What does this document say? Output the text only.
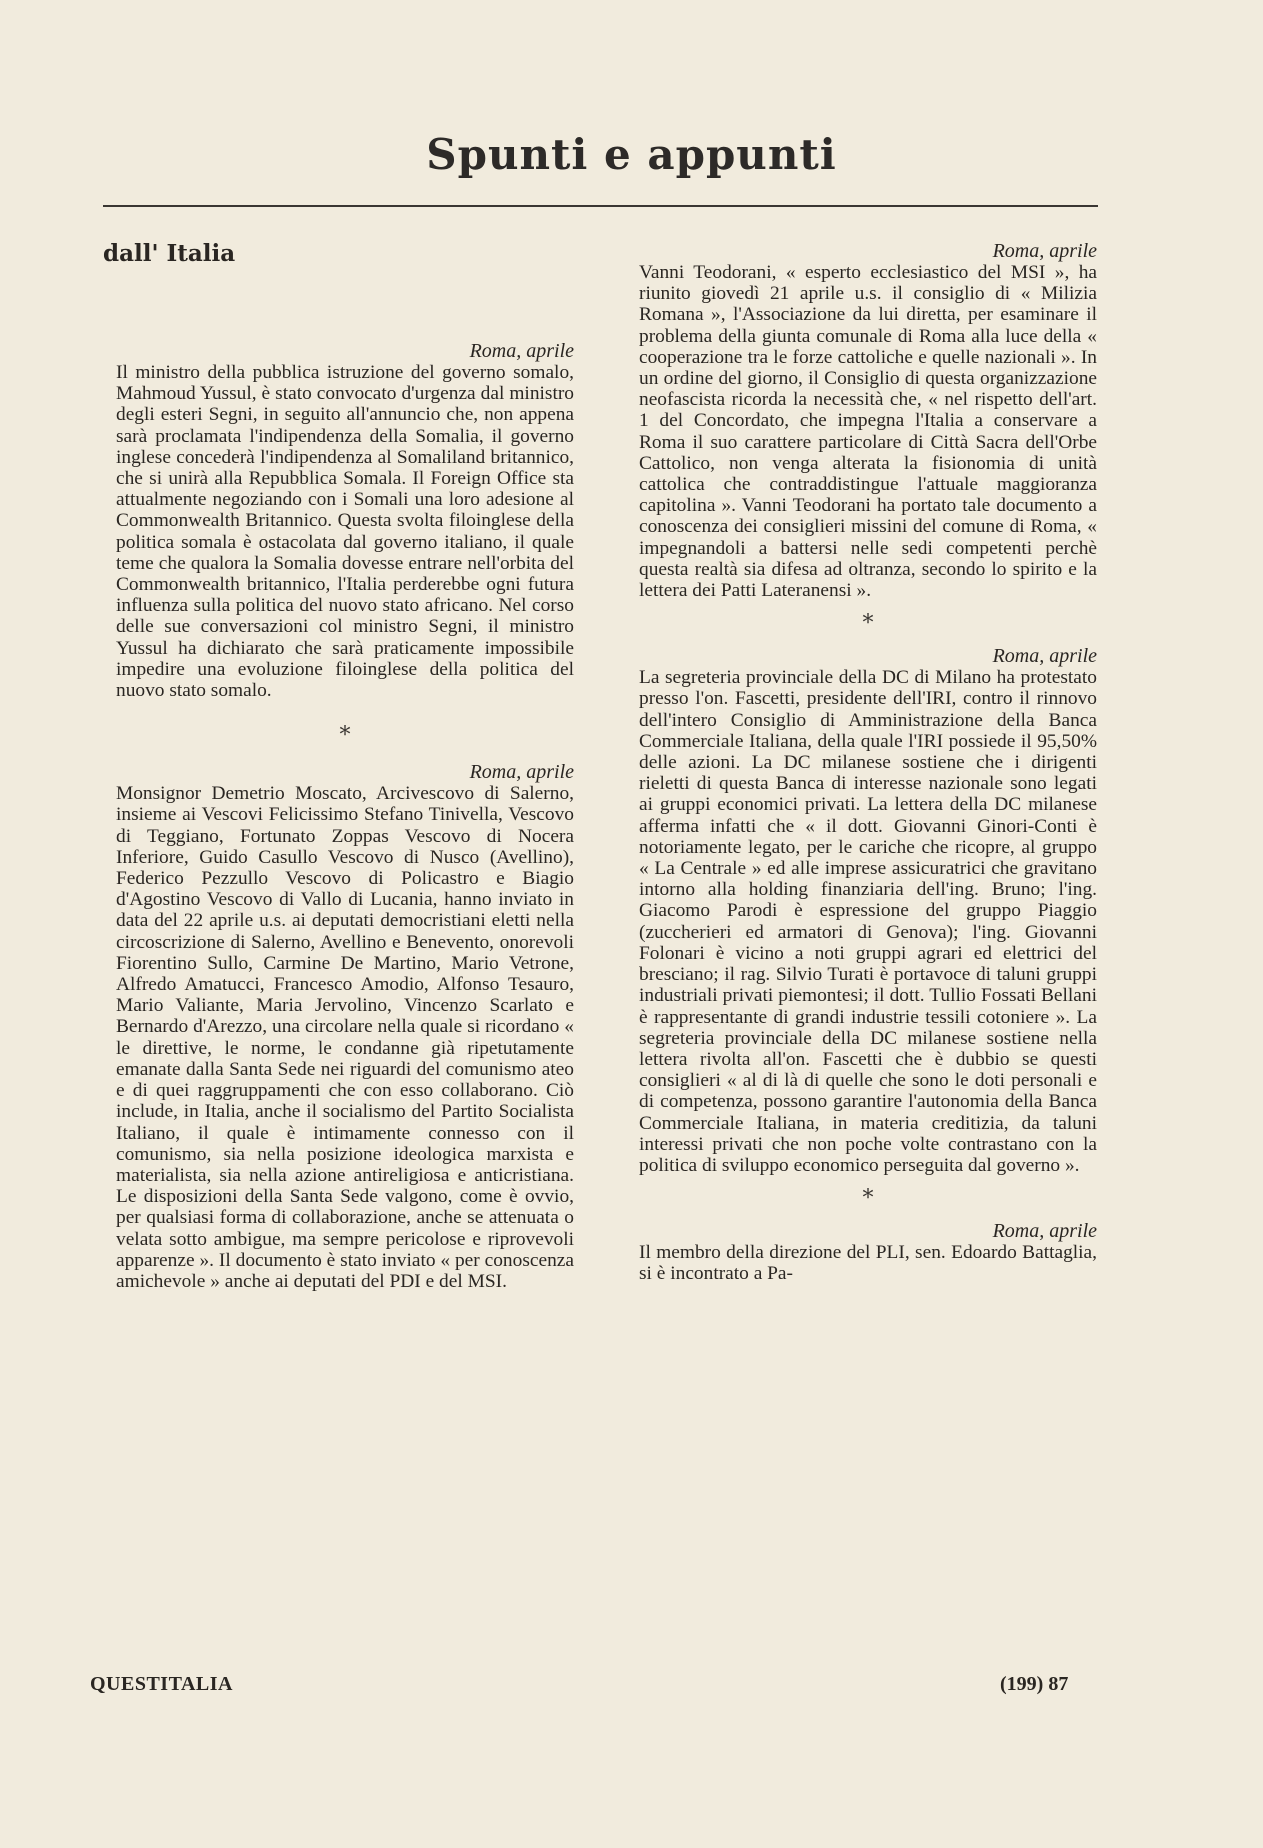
Spunti e appunti
dall' Italia

Roma, aprile

Il ministro della pubblica istruzione del governo somalo, Mahmoud Yussul, è stato convocato d'urgenza dal ministro degli esteri Segni, in seguito all'annuncio che, non appena sarà proclamata l'indipendenza della Somalia, il governo inglese concederà l'indipendenza al Somaliland britannico, che si unirà alla Repubblica Somala. Il Foreign Office sta attualmente negoziando con i Somali una loro adesione al Commonwealth Britannico. Questa svolta filoinglese della politica somala è ostacolata dal governo italiano, il quale teme che qualora la Somalia dovesse entrare nell'orbita del Commonwealth britannico, l'Italia perderebbe ogni futura influenza sulla politica del nuovo stato africano. Nel corso delle sue conversazioni col ministro Segni, il ministro Yussul ha dichiarato che sarà praticamente impossibile impedire una evoluzione filoinglese della politica del nuovo stato somalo.

*

Roma, aprile

Monsignor Demetrio Moscato, Arcivescovo di Salerno, insieme ai Vescovi Felicissimo Stefano Tinivella, Vescovo di Teggiano, Fortunato Zoppas Vescovo di Nocera Inferiore, Guido Casullo Vescovo di Nusco (Avellino), Federico Pezzullo Vescovo di Policastro e Biagio d'Agostino Vescovo di Vallo di Lucania, hanno inviato in data del 22 aprile u.s. ai deputati democristiani eletti nella circoscrizione di Salerno, Avellino e Benevento, onorevoli Fiorentino Sullo, Carmine De Martino, Mario Vetrone, Alfredo Amatucci, Francesco Amodio, Alfonso Tesauro, Mario Valiante, Maria Jervolino, Vincenzo Scarlato e Bernardo d'Arezzo, una circolare nella quale si ricordano « le direttive, le norme, le condanne già ripetutamente emanate dalla Santa Sede nei riguardi del comunismo ateo e di quei raggruppamenti che con esso collaborano. Ciò include, in Italia, anche il socialismo del Partito Socialista Italiano, il quale è intimamente connesso con il comunismo, sia nella posizione ideologica marxista e materialista, sia nella azione antireligiosa e anticristiana. Le disposizioni della Santa Sede valgono, come è ovvio, per qualsiasi forma di collaborazione, anche se attenuata o velata sotto ambigue, ma sempre pericolose e riprovevoli apparenze ». Il documento è stato inviato « per conoscenza amichevole » anche ai deputati del PDI e del MSI.

Roma, aprile

Vanni Teodorani, « esperto ecclesiastico del MSI », ha riunito giovedì 21 aprile u.s. il consiglio di « Milizia Romana », l'Associazione da lui diretta, per esaminare il problema della giunta comunale di Roma alla luce della « cooperazione tra le forze cattoliche e quelle nazionali ». In un ordine del giorno, il Consiglio di questa organizzazione neofascista ricorda la necessità che, « nel rispetto dell'art. 1 del Concordato, che impegna l'Italia a conservare a Roma il suo carattere particolare di Città Sacra dell'Orbe Cattolico, non venga alterata la fisionomia di unità cattolica che contraddistingue l'attuale maggioranza capitolina ». Vanni Teodorani ha portato tale documento a conoscenza dei consiglieri missini del comune di Roma, « impegnandoli a battersi nelle sedi competenti perchè questa realtà sia difesa ad oltranza, secondo lo spirito e la lettera dei Patti Lateranensi ».

*

Roma, aprile

La segreteria provinciale della DC di Milano ha protestato presso l'on. Fascetti, presidente dell'IRI, contro il rinnovo dell'intero Consiglio di Amministrazione della Banca Commerciale Italiana, della quale l'IRI possiede il 95,50% delle azioni. La DC milanese sostiene che i dirigenti rieletti di questa Banca di interesse nazionale sono legati ai gruppi economici privati. La lettera della DC milanese afferma infatti che « il dott. Giovanni Ginori-Conti è notoriamente legato, per le cariche che ricopre, al gruppo « La Centrale » ed alle imprese assicuratrici che gravitano intorno alla holding finanziaria dell'ing. Bruno; l'ing. Giacomo Parodi è espressione del gruppo Piaggio (zuccherieri ed armatori di Genova); l'ing. Giovanni Folonari è vicino a noti gruppi agrari ed elettrici del bresciano; il rag. Silvio Turati è portavoce di taluni gruppi industriali privati piemontesi; il dott. Tullio Fossati Bellani è rappresentante di grandi industrie tessili cotoniere ». La segreteria provinciale della DC milanese sostiene nella lettera rivolta all'on. Fascetti che è dubbio se questi consiglieri « al di là di quelle che sono le doti personali e di competenza, possono garantire l'autonomia della Banca Commerciale Italiana, in materia creditizia, da taluni interessi privati che non poche volte contrastano con la politica di sviluppo economico perseguita dal governo ».

*

Roma, aprile

Il membro della direzione del PLI, sen. Edoardo Battaglia, si è incontrato a Pa-

QUESTITALIA	(199) 87
